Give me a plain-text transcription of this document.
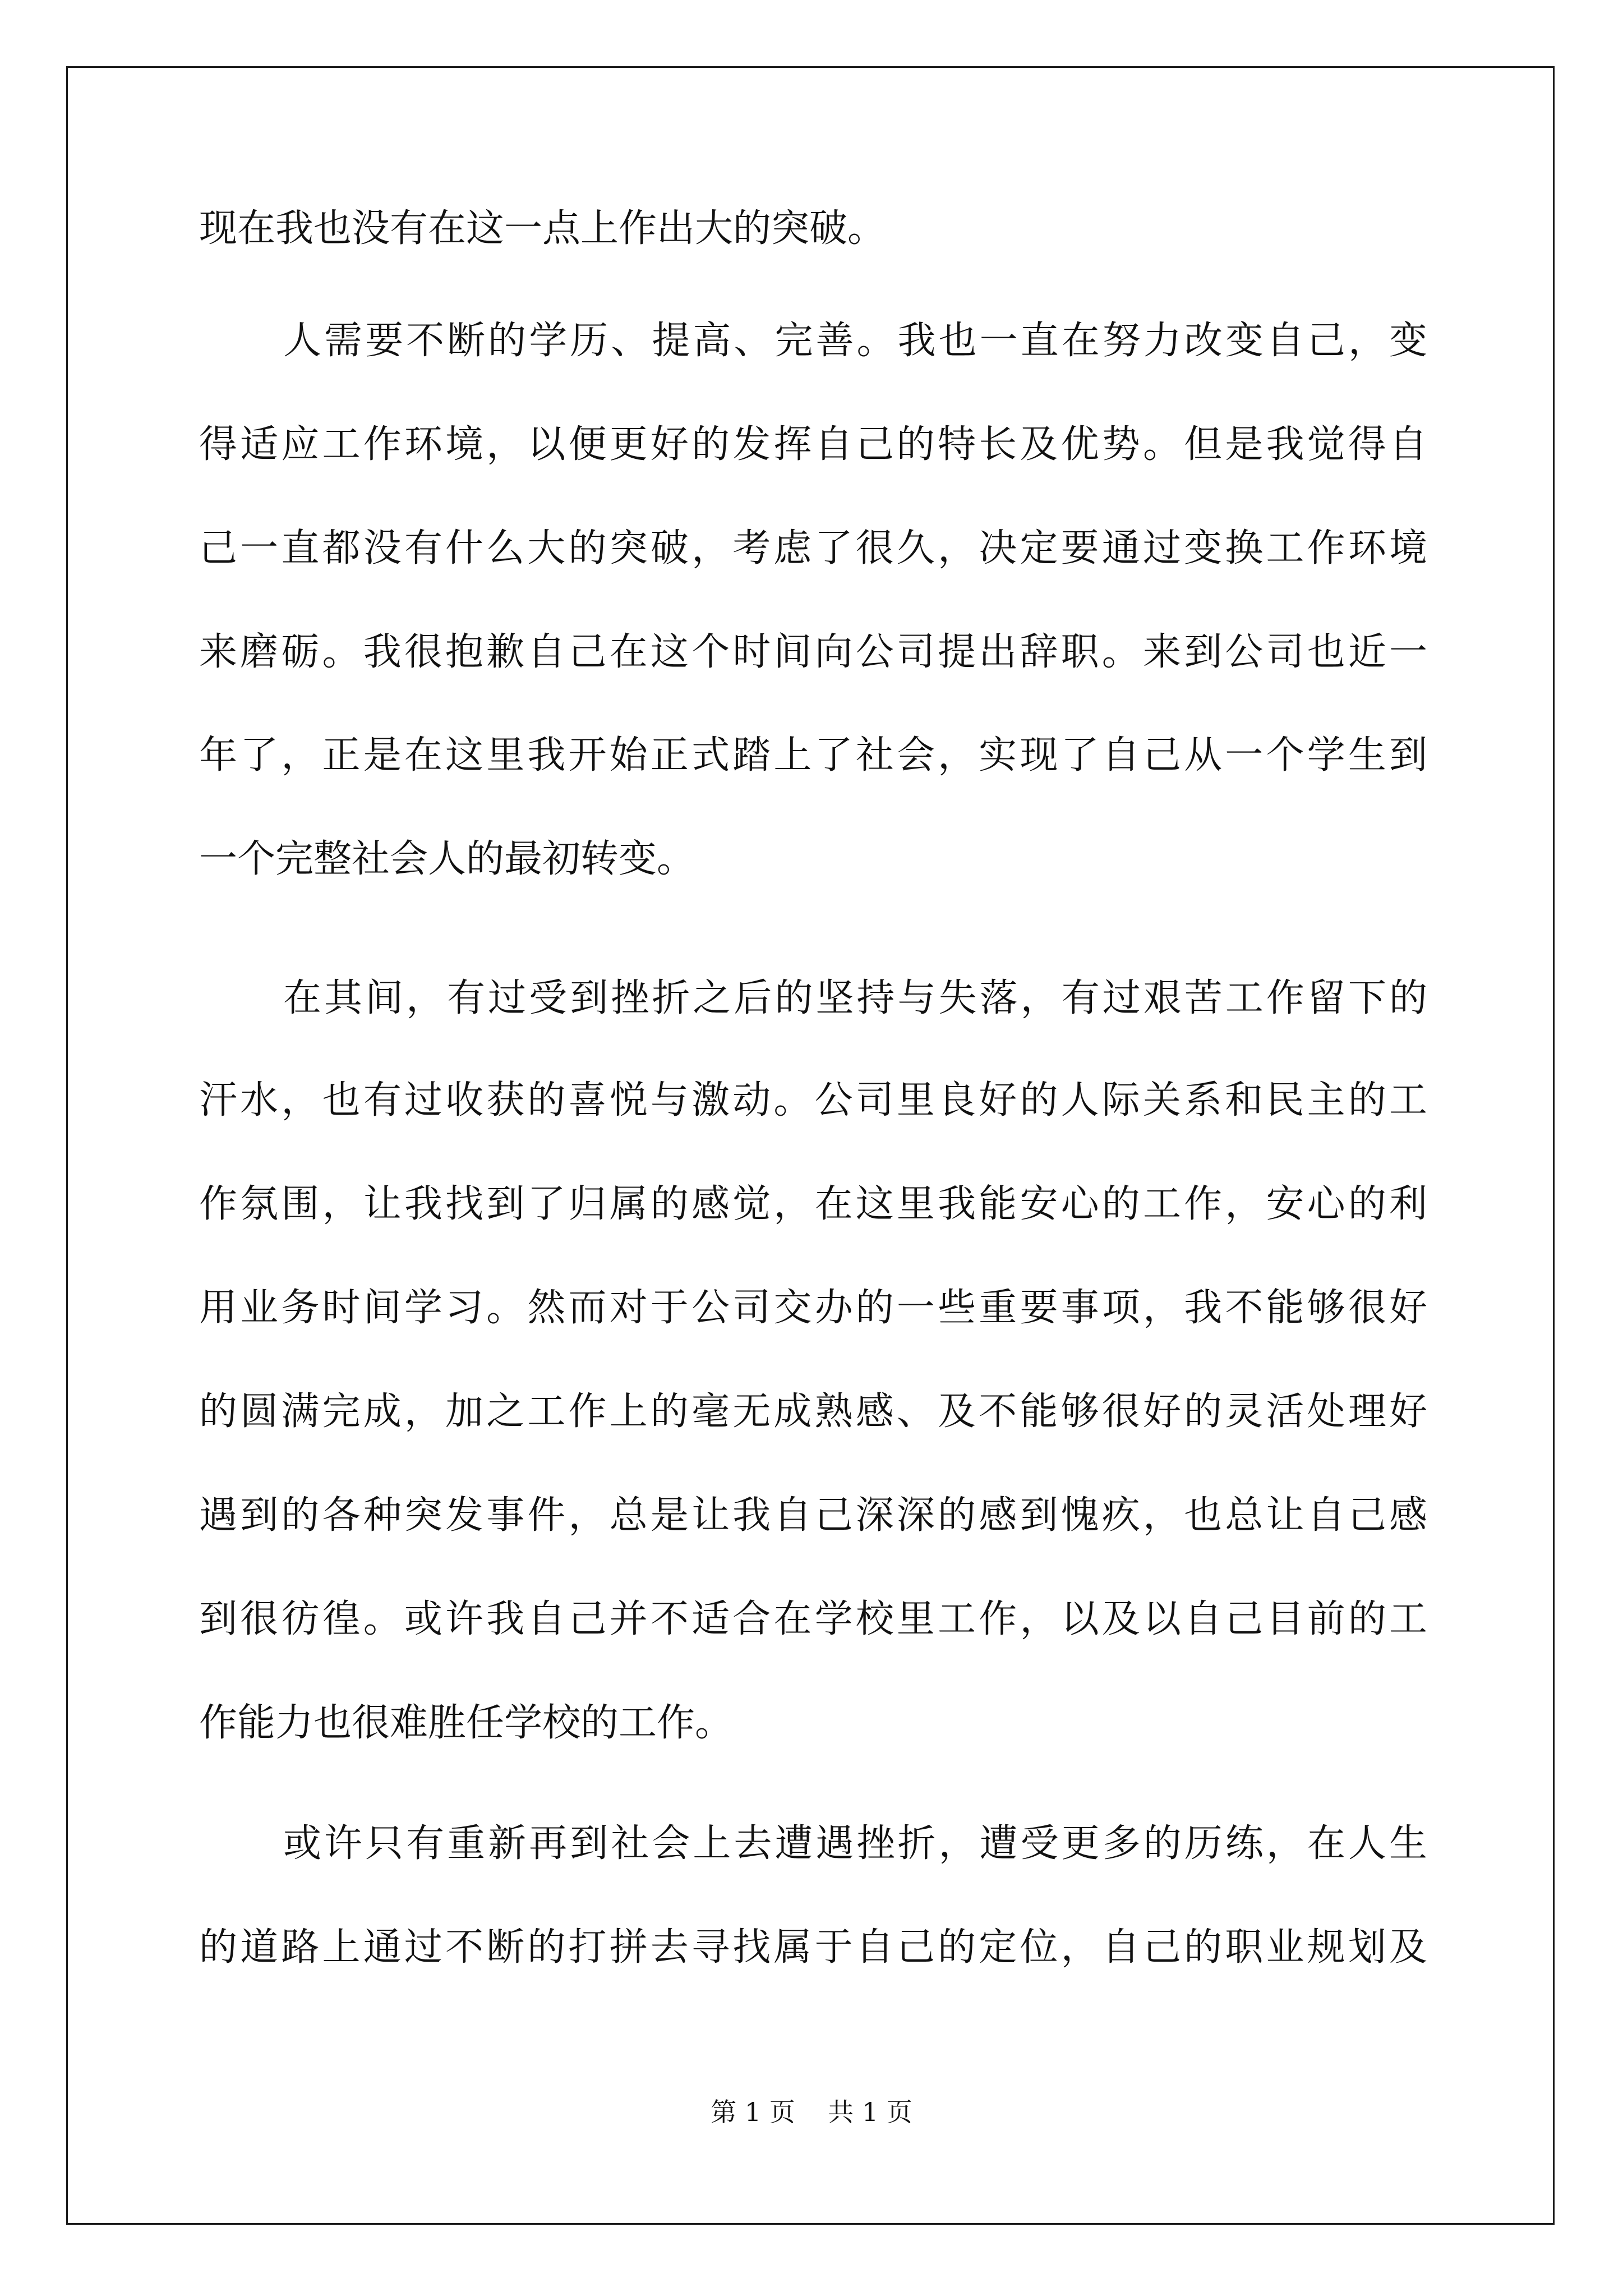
现在我也没有在这一点上作出大的突破。
人需要不断的学历、提高、完善。我也一直在努力改变自己，变
得适应工作环境，以便更好的发挥自己的特长及优势。但是我觉得自
己一直都没有什么大的突破，考虑了很久，决定要通过变换工作环境
来磨砺。我很抱歉自己在这个时间向公司提出辞职。来到公司也近一
年了，正是在这里我开始正式踏上了社会，实现了自己从一个学生到
一个完整社会人的最初转变。
在其间，有过受到挫折之后的坚持与失落，有过艰苦工作留下的
汗水，也有过收获的喜悦与激动。公司里良好的人际关系和民主的工
作氛围，让我找到了归属的感觉，在这里我能安心的工作，安心的利
用业务时间学习。然而对于公司交办的一些重要事项，我不能够很好
的圆满完成，加之工作上的毫无成熟感、及不能够很好的灵活处理好
遇到的各种突发事件，总是让我自己深深的感到愧疚，也总让自己感
到很彷徨。或许我自己并不适合在学校里工作，以及以自己目前的工
作能力也很难胜任学校的工作。
或许只有重新再到社会上去遭遇挫折，遭受更多的历练，在人生
的道路上通过不断的打拼去寻找属于自己的定位，自己的职业规划及
第 1 页    共 1 页
